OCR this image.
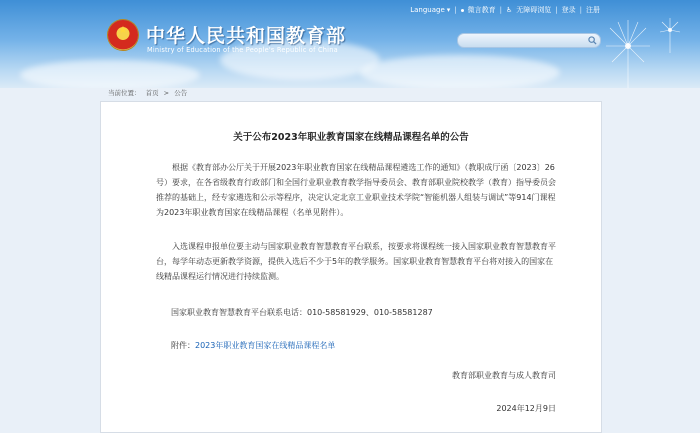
Language ▾ | 微言教育 | ♿ 无障碍浏览 | 登录 | 注册
★ 中华人民共和国教育部
Ministry of Education of the People's Republic of China
当前位置： 首页 > 公告
关于公布2023年职业教育国家在线精品课程名单的公告
根据《教育部办公厅关于开展2023年职业教育国家在线精品课程遴选工作的通知》（教职成厅函〔2023〕26号）要求，在各省级教育行政部门和全国行业职业教育教学指导委员会、教育部职业院校教学（教育）指导委员会推荐的基础上，经专家遴选和公示等程序，决定认定北京工业职业技术学院“智能机器人组装与调试”等914门课程为2023年职业教育国家在线精品课程（名单见附件）。
入选课程申报单位要主动与国家职业教育智慧教育平台联系，按要求将课程统一接入国家职业教育智慧教育平台，每学年动态更新教学资源，提供入选后不少于5年的教学服务。国家职业教育智慧教育平台将对接入的国家在线精品课程运行情况进行持续监测。
国家职业教育智慧教育平台联系电话：010-58581929、010-58581287
附件：2023年职业教育国家在线精品课程名单
教育部职业教育与成人教育司
2024年12月9日
